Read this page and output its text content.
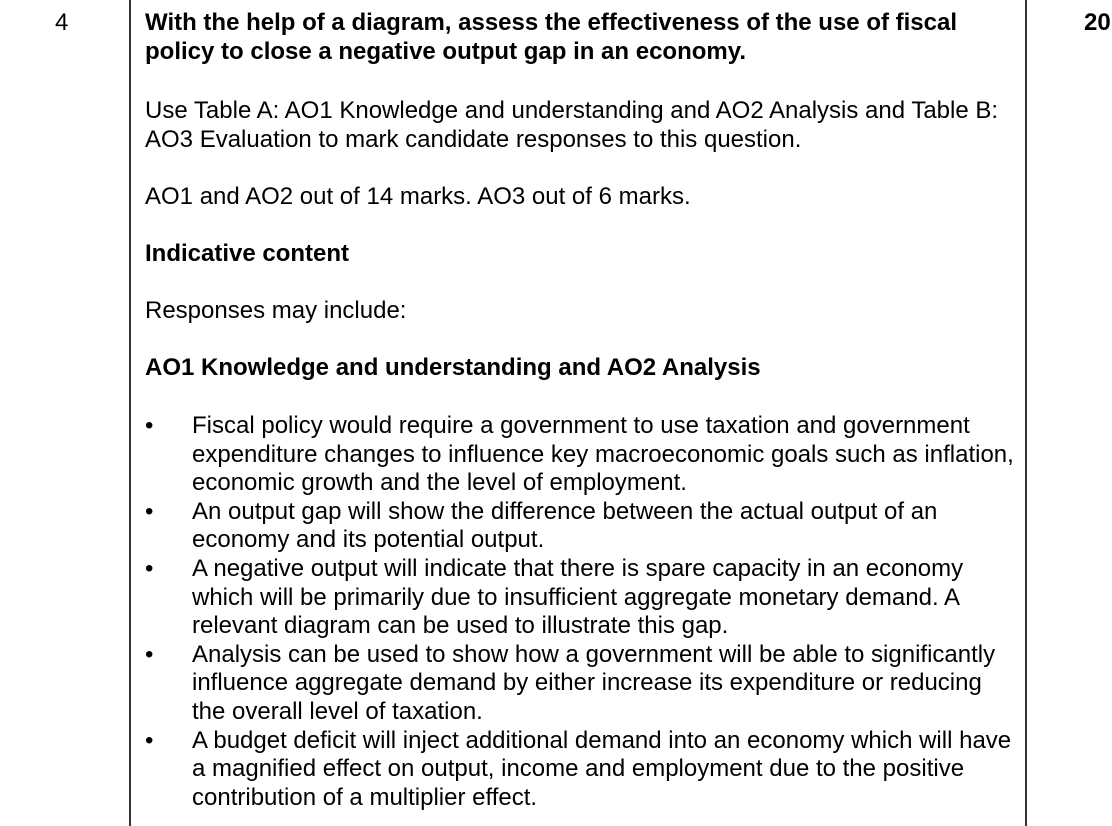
4	With the help of a diagram, assess the effectiveness of the use of fiscal policy to close a negative output gap in an economy.

Use Table A: AO1 Knowledge and understanding and AO2 Analysis and Table B: AO3 Evaluation to mark candidate responses to this question.

AO1 and AO2 out of 14 marks. AO3 out of 6 marks.

Indicative content

Responses may include:

AO1 Knowledge and understanding and AO2 Analysis

• Fiscal policy would require a government to use taxation and government expenditure changes to influence key macroeconomic goals such as inflation, economic growth and the level of employment.
• An output gap will show the difference between the actual output of an economy and its potential output.
• A negative output will indicate that there is spare capacity in an economy which will be primarily due to insufficient aggregate monetary demand. A relevant diagram can be used to illustrate this gap.
• Analysis can be used to show how a government will be able to significantly influence aggregate demand by either increase its expenditure or reducing the overall level of taxation.
• A budget deficit will inject additional demand into an economy which will have a magnified effect on output, income and employment due to the positive contribution of a multiplier effect.
20
